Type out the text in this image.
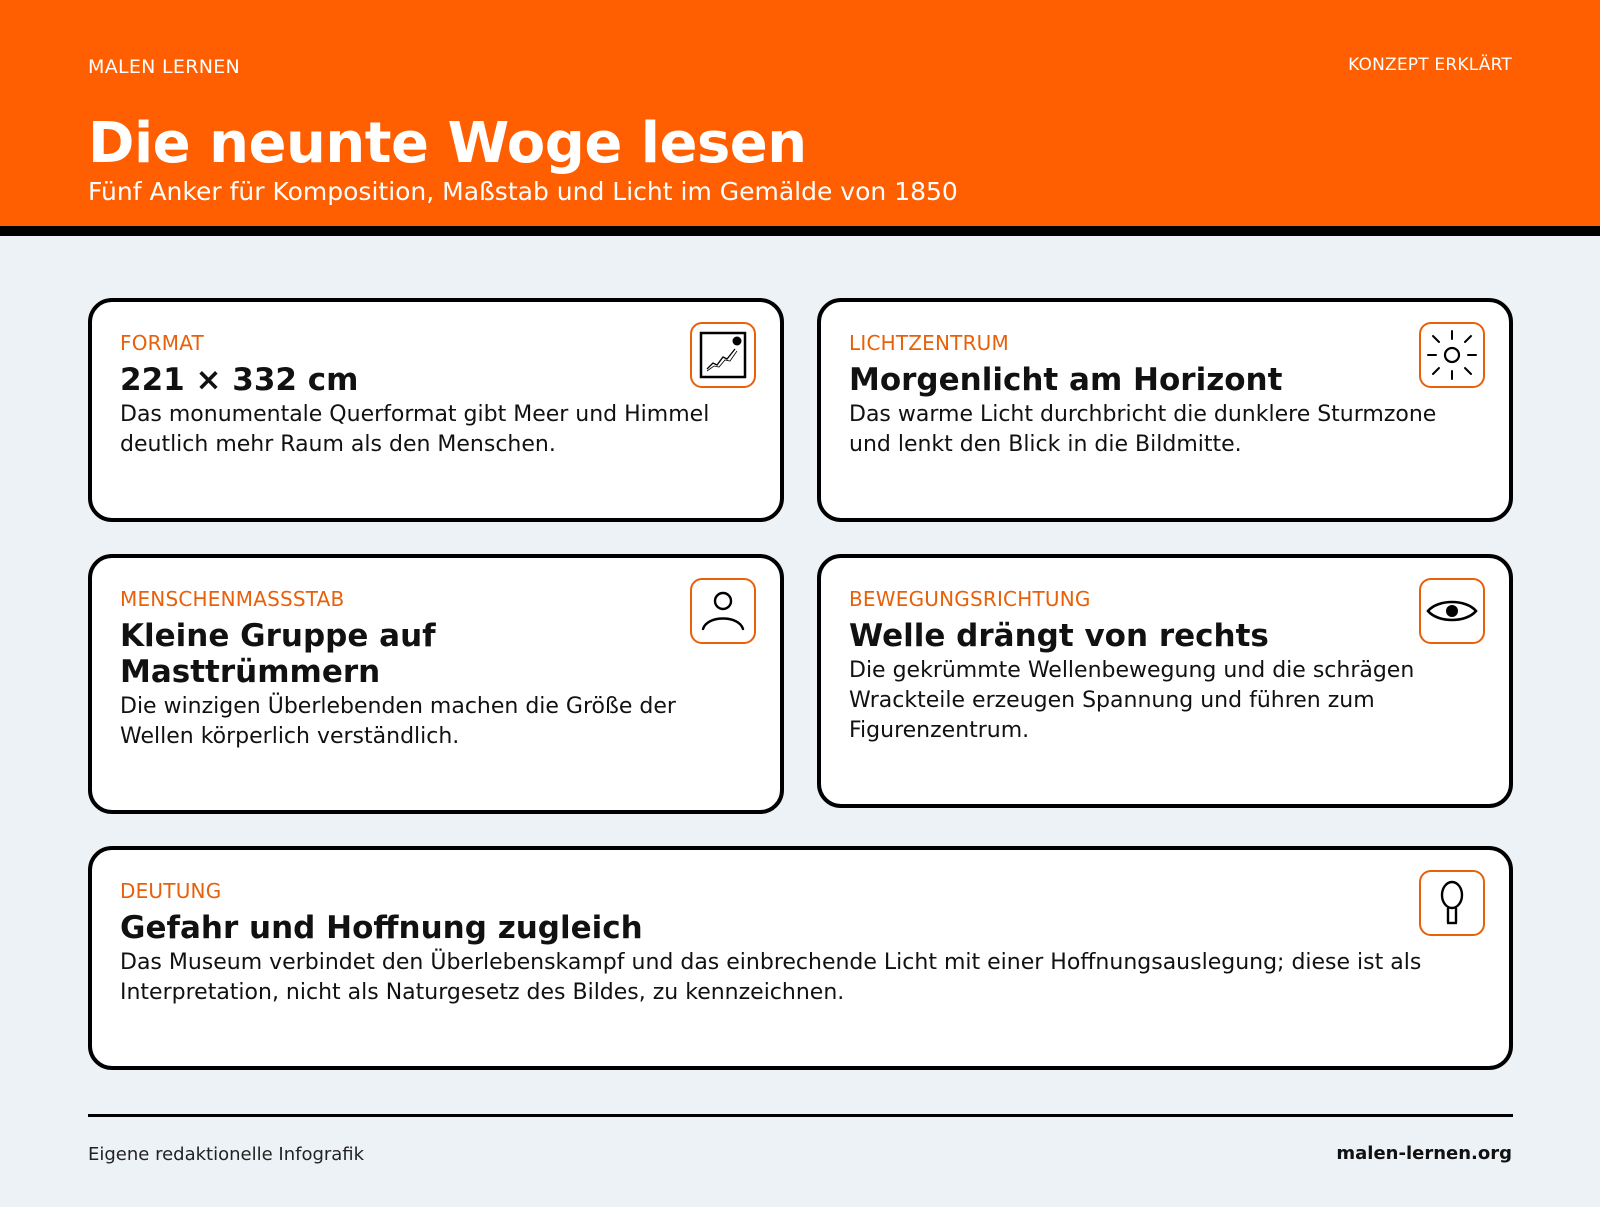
MALEN LERNEN	KONZEPT ERKLÄRT
Die neunte Woge lesen
Fünf Anker für Komposition, Maßstab und Licht im Gemälde von 1850
FORMAT
221 × 332 cm
Das monumentale Querformat gibt Meer und Himmel deutlich mehr Raum als den Menschen.
LICHTZENTRUM
Morgenlicht am Horizont
Das warme Licht durchbricht die dunklere Sturmzone und lenkt den Blick in die Bildmitte.
MENSCHENMASSSTAB
Kleine Gruppe auf Masttrümmern
Die winzigen Überlebenden machen die Größe der Wellen körperlich verständlich.
BEWEGUNGSRICHTUNG
Welle drängt von rechts
Die gekrümmte Wellenbewegung und die schrägen Wrackteile erzeugen Spannung und führen zum Figurenzentrum.
DEUTUNG
Gefahr und Hoffnung zugleich
Das Museum verbindet den Überlebenskampf und das einbrechende Licht mit einer Hoffnungsauslegung; diese ist als Interpretation, nicht als Naturgesetz des Bildes, zu kennzeichnen.
Eigene redaktionelle Infografik	malen-lernen.org
